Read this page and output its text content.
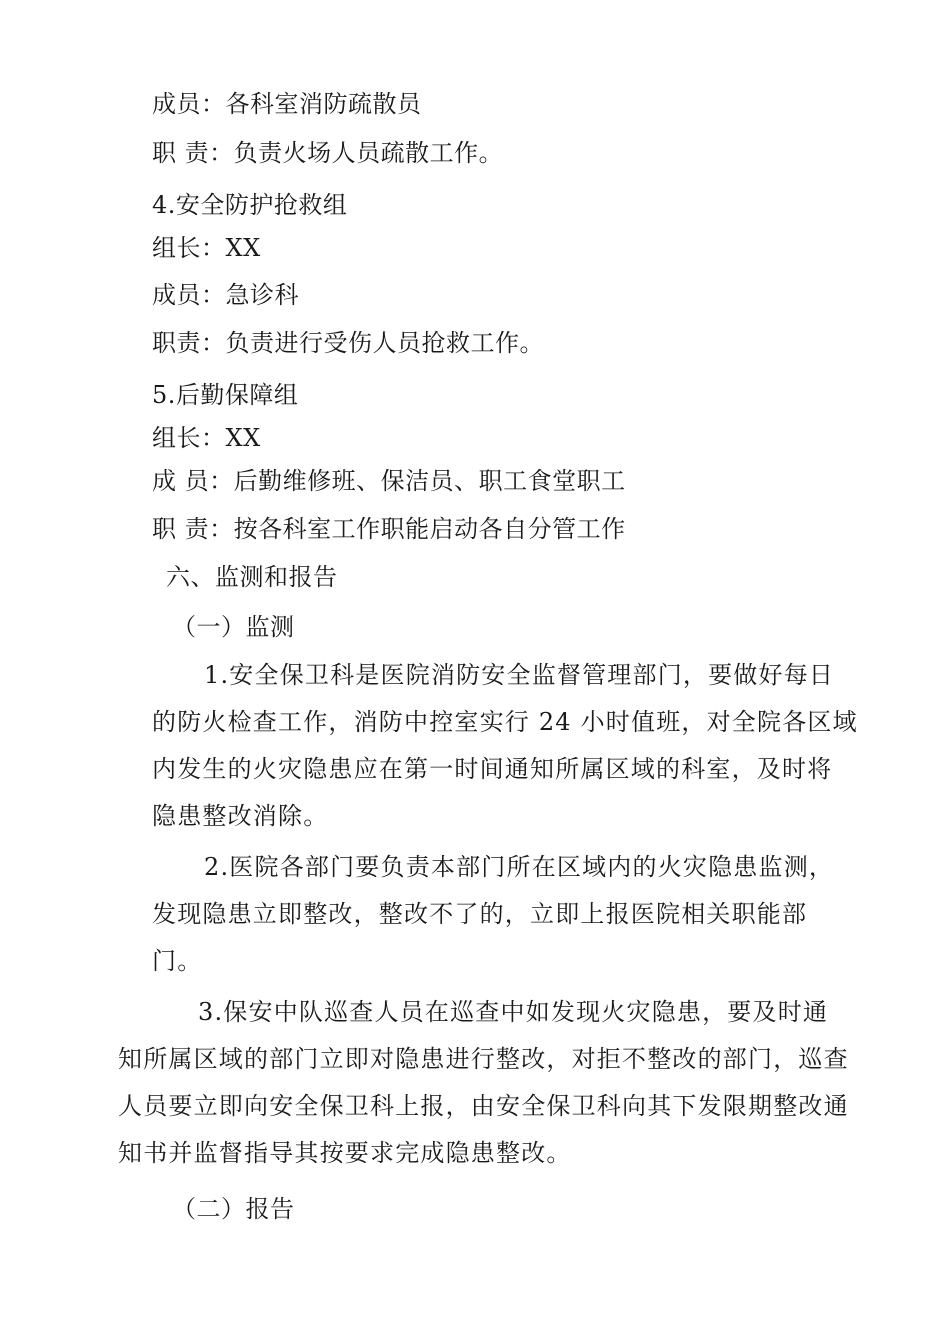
成员：各科室消防疏散员
职 责：负责火场人员疏散工作。
4.安全防护抢救组
组长：XX
成员：急诊科
职责：负责进行受伤人员抢救工作。
5.后勤保障组
组长：XX
成 员：后勤维修班、保洁员、职工食堂职工
职 责：按各科室工作职能启动各自分管工作
六、监测和报告
（一）监测
1.安全保卫科是医院消防安全监督管理部门，要做好每日
的防火检查工作，消防中控室实行 24 小时值班，对全院各区域
内发生的火灾隐患应在第一时间通知所属区域的科室，及时将
隐患整改消除。
2.医院各部门要负责本部门所在区域内的火灾隐患监测，
发现隐患立即整改，整改不了的，立即上报医院相关职能部
门。
3.保安中队巡查人员在巡查中如发现火灾隐患，要及时通
知所属区域的部门立即对隐患进行整改，对拒不整改的部门，巡查
人员要立即向安全保卫科上报，由安全保卫科向其下发限期整改通
知书并监督指导其按要求完成隐患整改。
（二）报告
